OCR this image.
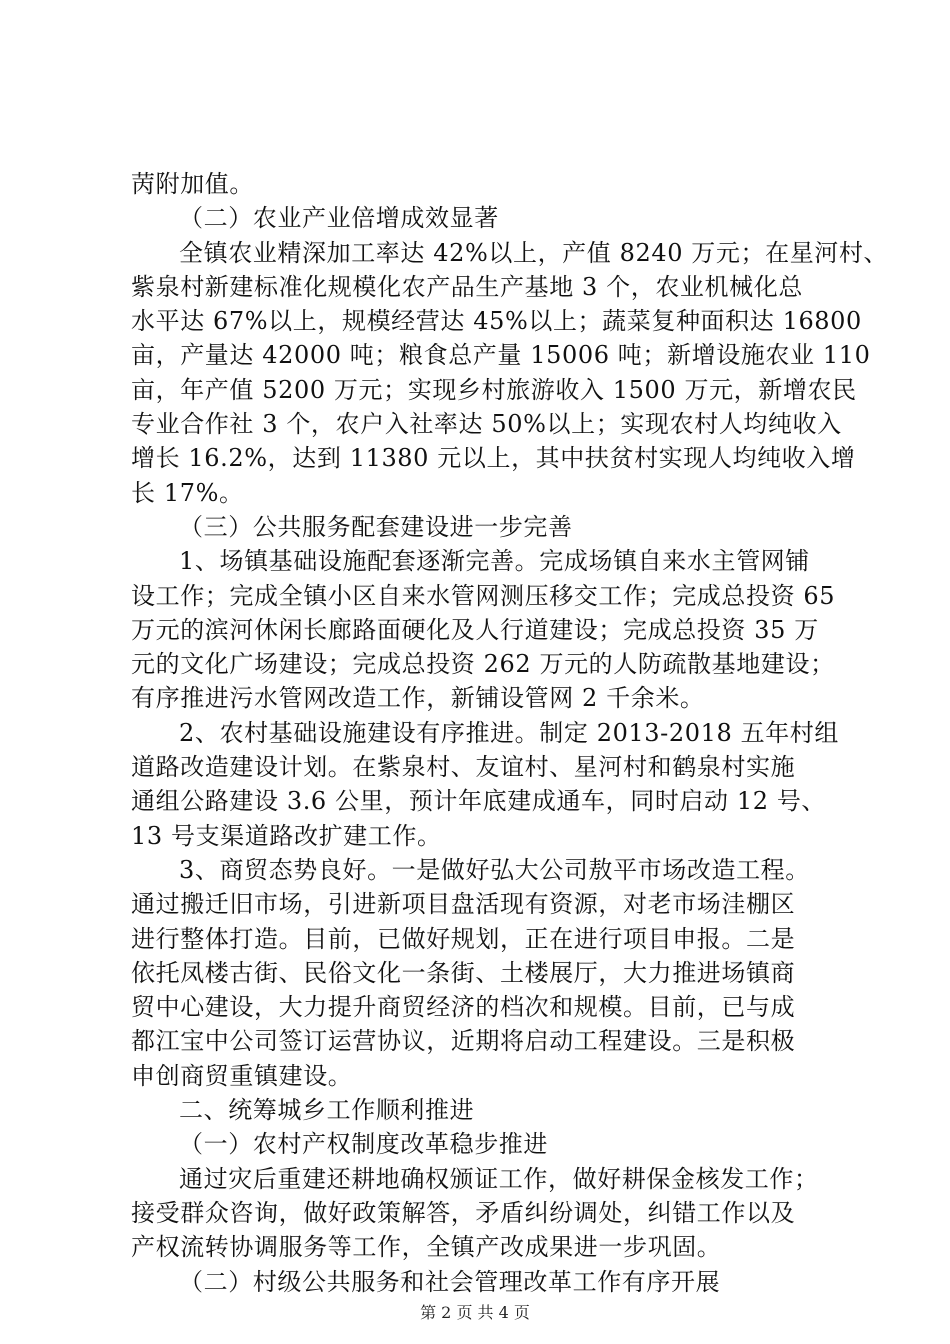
苪附加值。

（二）农业产业倍增成效显著

全镇农业精深加工率达 42%以上，产值 8240 万元；在星河村、

紫泉村新建标准化规模化农产品生产基地 3 个，农业机械化总

水平达 67%以上，规模经营达 45%以上；蔬菜复种面积达 16800

亩，产量达 42000 吨；粮食总产量 15006 吨；新增设施农业 110

亩，年产值 5200 万元；实现乡村旅游收入 1500 万元，新增农民

专业合作社 3 个，农户入社率达 50%以上；实现农村人均纯收入

增长 16.2%，达到 11380 元以上，其中扶贫村实现人均纯收入增

长 17%。

（三）公共服务配套建设进一步完善

1、场镇基础设施配套逐渐完善。完成场镇自来水主管网铺

设工作；完成全镇小区自来水管网测压移交工作；完成总投资 65

万元的滨河休闲长廊路面硬化及人行道建设；完成总投资 35 万

元的文化广场建设；完成总投资 262 万元的人防疏散基地建设；

有序推进污水管网改造工作，新铺设管网 2 千余米。

2、农村基础设施建设有序推进。制定 2013-2018 五年村组

道路改造建设计划。在紫泉村、友谊村、星河村和鹤泉村实施

通组公路建设 3.6 公里，预计年底建成通车，同时启动 12 号、

13 号支渠道路改扩建工作。

3、商贸态势良好。一是做好弘大公司敖平市场改造工程。

通过搬迁旧市场，引进新项目盘活现有资源，对老市场洼棚区

进行整体打造。目前，已做好规划，正在进行项目申报。二是

依托凤楼古街、民俗文化一条街、土楼展厅，大力推进场镇商

贸中心建设，大力提升商贸经济的档次和规模。目前，已与成

都江宝中公司签订运营协议，近期将启动工程建设。三是积极

申创商贸重镇建设。

二、统筹城乡工作顺利推进

（一）农村产权制度改革稳步推进

通过灾后重建还耕地确权颁证工作，做好耕保金核发工作；

接受群众咨询，做好政策解答，矛盾纠纷调处，纠错工作以及

产权流转协调服务等工作，全镇产改成果进一步巩固。

（二）村级公共服务和社会管理改革工作有序开展

第 2 页 共 4 页
